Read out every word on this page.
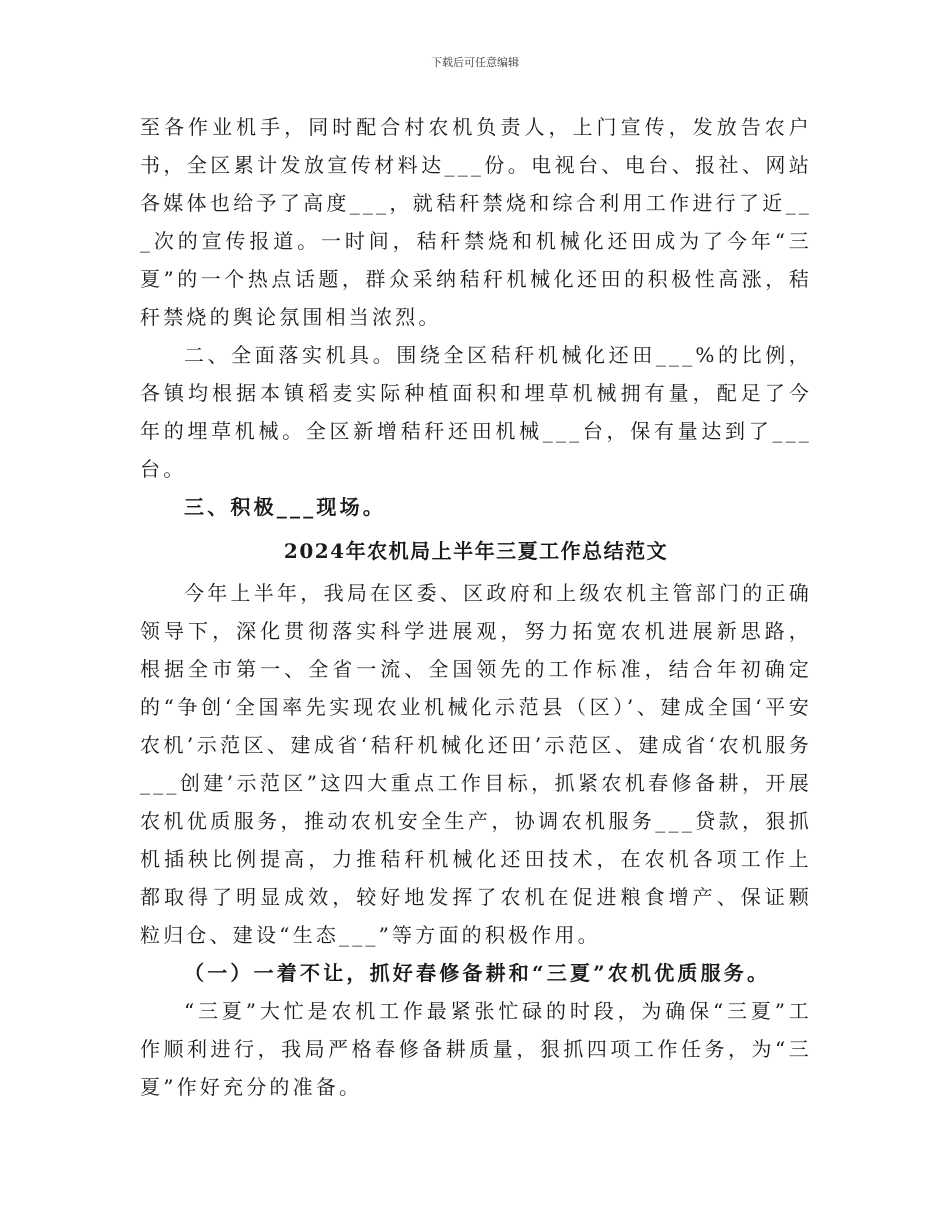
下载后可任意编辑

至各作业机手，同时配合村农机负责人，上门宣传，发放告农户书，全区累计发放宣传材料达___份。电视台、电台、报社、网站各媒体也给予了高度___，就秸秆禁烧和综合利用工作进行了近___次的宣传报道。一时间，秸秆禁烧和机械化还田成为了今年“三夏”的一个热点话题，群众采纳秸秆机械化还田的积极性高涨，秸秆禁烧的舆论氛围相当浓烈。

二、全面落实机具。围绕全区秸秆机械化还田___%的比例，各镇均根据本镇稻麦实际种植面积和埋草机械拥有量，配足了今年的埋草机械。全区新增秸秆还田机械___台，保有量达到了___台。

三、积极___现场。

2024年农机局上半年三夏工作总结范文

今年上半年，我局在区委、区政府和上级农机主管部门的正确领导下，深化贯彻落实科学进展观，努力拓宽农机进展新思路，根据全市第一、全省一流、全国领先的工作标准，结合年初确定的“争创‘全国率先实现农业机械化示范县（区）’、建成全国‘平安农机’示范区、建成省‘秸秆机械化还田’示范区、建成省‘农机服务___创建’示范区”这四大重点工作目标，抓紧农机春修备耕，开展农机优质服务，推动农机安全生产，协调农机服务___贷款，狠抓机插秧比例提高，力推秸秆机械化还田技术，在农机各项工作上都取得了明显成效，较好地发挥了农机在促进粮食增产、保证颗粒归仓、建设“生态___”等方面的积极作用。

（一）一着不让，抓好春修备耕和“三夏”农机优质服务。

“三夏”大忙是农机工作最紧张忙碌的时段，为确保“三夏”工作顺利进行，我局严格春修备耕质量，狠抓四项工作任务，为“三夏”作好充分的准备。
